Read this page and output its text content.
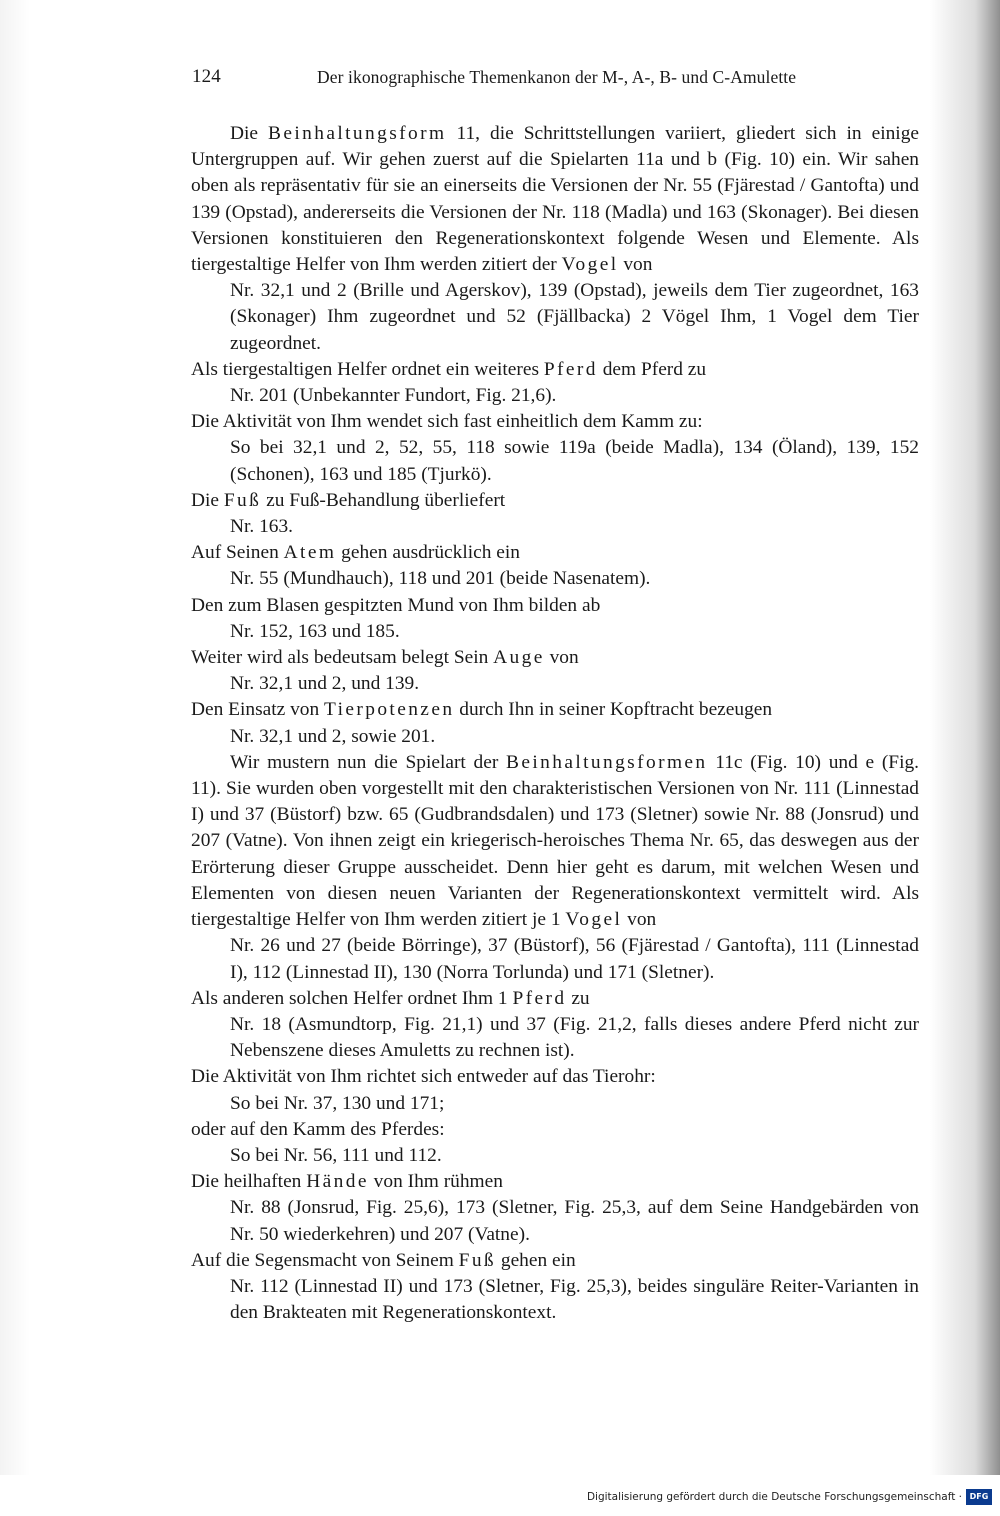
124	Der ikonographische Themenkanon der M-, A-, B- und C-Amulette

Die Beinhaltungsform 11, die Schrittstellungen variiert, gliedert sich in einige Untergruppen auf. Wir gehen zuerst auf die Spielarten 11a und b (Fig. 10) ein. Wir sahen oben als repräsentativ für sie an einerseits die Versionen der Nr. 55 (Fjärestad / Gantofta) und 139 (Opstad), andererseits die Versionen der Nr. 118 (Madla) und 163 (Skonager). Bei diesen Versionen konstituieren den Regenerationskontext folgende Wesen und Elemente. Als tiergestaltige Helfer von Ihm werden zitiert der Vogel von

Nr. 32,1 und 2 (Brille und Agerskov), 139 (Opstad), jeweils dem Tier zugeordnet, 163 (Skonager) Ihm zugeordnet und 52 (Fjällbacka) 2 Vögel Ihm, 1 Vogel dem Tier zugeordnet.

Als tiergestaltigen Helfer ordnet ein weiteres Pferd dem Pferd zu

Nr. 201 (Unbekannter Fundort, Fig. 21,6).

Die Aktivität von Ihm wendet sich fast einheitlich dem Kamm zu:

So bei 32,1 und 2, 52, 55, 118 sowie 119a (beide Madla), 134 (Öland), 139, 152 (Schonen), 163 und 185 (Tjurkö).

Die Fuß zu Fuß-Behandlung überliefert

Nr. 163.

Auf Seinen Atem gehen ausdrücklich ein

Nr. 55 (Mundhauch), 118 und 201 (beide Nasenatem).

Den zum Blasen gespitzten Mund von Ihm bilden ab

Nr. 152, 163 und 185.

Weiter wird als bedeutsam belegt Sein Auge von

Nr. 32,1 und 2, und 139.

Den Einsatz von Tierpotenzen durch Ihn in seiner Kopftracht bezeugen

Nr. 32,1 und 2, sowie 201.

Wir mustern nun die Spielart der Beinhaltungsformen 11c (Fig. 10) und e (Fig. 11). Sie wurden oben vorgestellt mit den charakteristischen Versionen von Nr. 111 (Linnestad I) und 37 (Büstorf) bzw. 65 (Gudbrandsdalen) und 173 (Sletner) sowie Nr. 88 (Jonsrud) und 207 (Vatne). Von ihnen zeigt ein kriegerisch-heroisches Thema Nr. 65, das deswegen aus der Erörterung dieser Gruppe ausscheidet. Denn hier geht es darum, mit welchen Wesen und Elementen von diesen neuen Varianten der Regenerationskontext vermittelt wird. Als tiergestaltige Helfer von Ihm werden zitiert je 1 Vogel von

Nr. 26 und 27 (beide Börringe), 37 (Büstorf), 56 (Fjärestad / Gantofta), 111 (Linnestad I), 112 (Linnestad II), 130 (Norra Torlunda) und 171 (Sletner).

Als anderen solchen Helfer ordnet Ihm 1 Pferd zu

Nr. 18 (Asmundtorp, Fig. 21,1) und 37 (Fig. 21,2, falls dieses andere Pferd nicht zur Nebenszene dieses Amuletts zu rechnen ist).

Die Aktivität von Ihm richtet sich entweder auf das Tierohr:

So bei Nr. 37, 130 und 171;

oder auf den Kamm des Pferdes:

So bei Nr. 56, 111 und 112.

Die heilhaften Hände von Ihm rühmen

Nr. 88 (Jonsrud, Fig. 25,6), 173 (Sletner, Fig. 25,3, auf dem Seine Handgebärden von Nr. 50 wiederkehren) und 207 (Vatne).

Auf die Segensmacht von Seinem Fuß gehen ein

Nr. 112 (Linnestad II) und 173 (Sletner, Fig. 25,3), beides singuläre Reiter-Varianten in den Brakteaten mit Regenerationskontext.

Digitalisierung gefördert durch die Deutsche Forschungsgemeinschaft · DFG
